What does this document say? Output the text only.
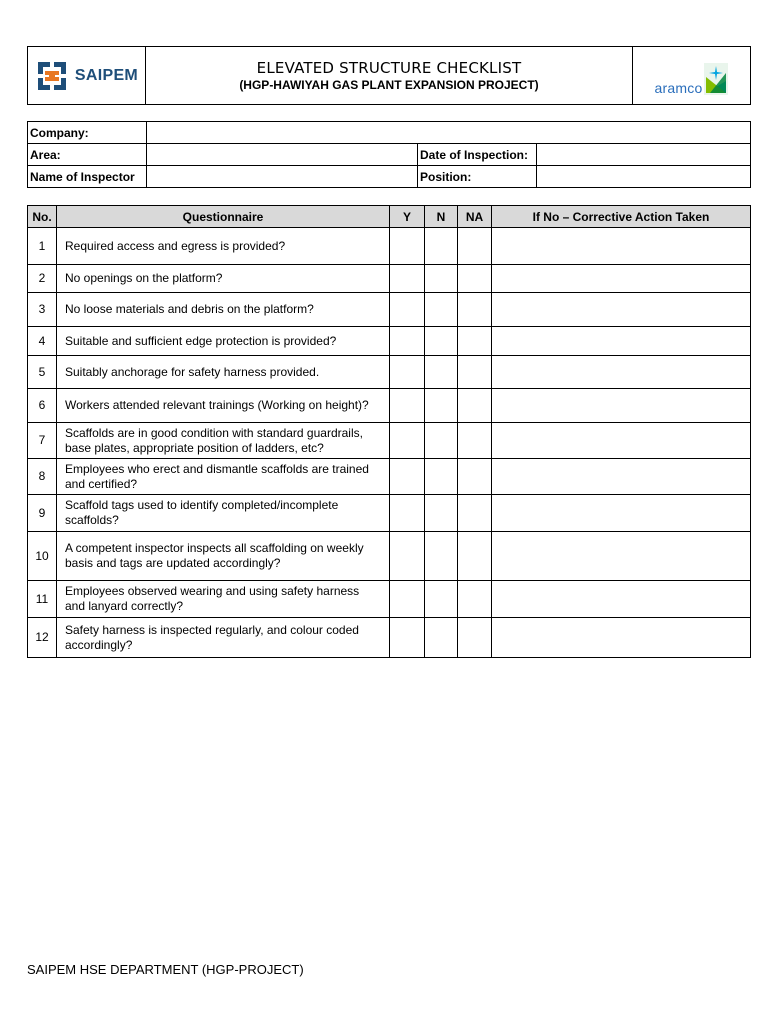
SAIPEM	ELEVATED STRUCTURE CHECKLIST
(HGP-HAWIYAH GAS PLANT EXPANSION PROJECT)	aramco
Company:			
Area:		Date of Inspection:	
Name of Inspector		Position:	
No.	Questionnaire	Y	N	NA	If No – Corrective Action Taken
1	Required access and egress is provided?				
2	No openings on the platform?				
3	No loose materials and debris on the platform?				
4	Suitable and sufficient edge protection is provided?				
5	Suitably anchorage for safety harness provided.				
6	Workers attended relevant trainings (Working on height)?				
7	Scaffolds are in good condition with standard guardrails, base plates, appropriate position of ladders, etc?				
8	Employees who erect and dismantle scaffolds are trained and certified?				
9	Scaffold tags used to identify completed/incomplete scaffolds?				
10	A competent inspector inspects all scaffolding on weekly basis and tags are updated accordingly?				
11	Employees observed wearing and using safety harness and lanyard correctly?				
12	Safety harness is inspected regularly, and colour coded accordingly?				
SAIPEM HSE DEPARTMENT (HGP-PROJECT)
